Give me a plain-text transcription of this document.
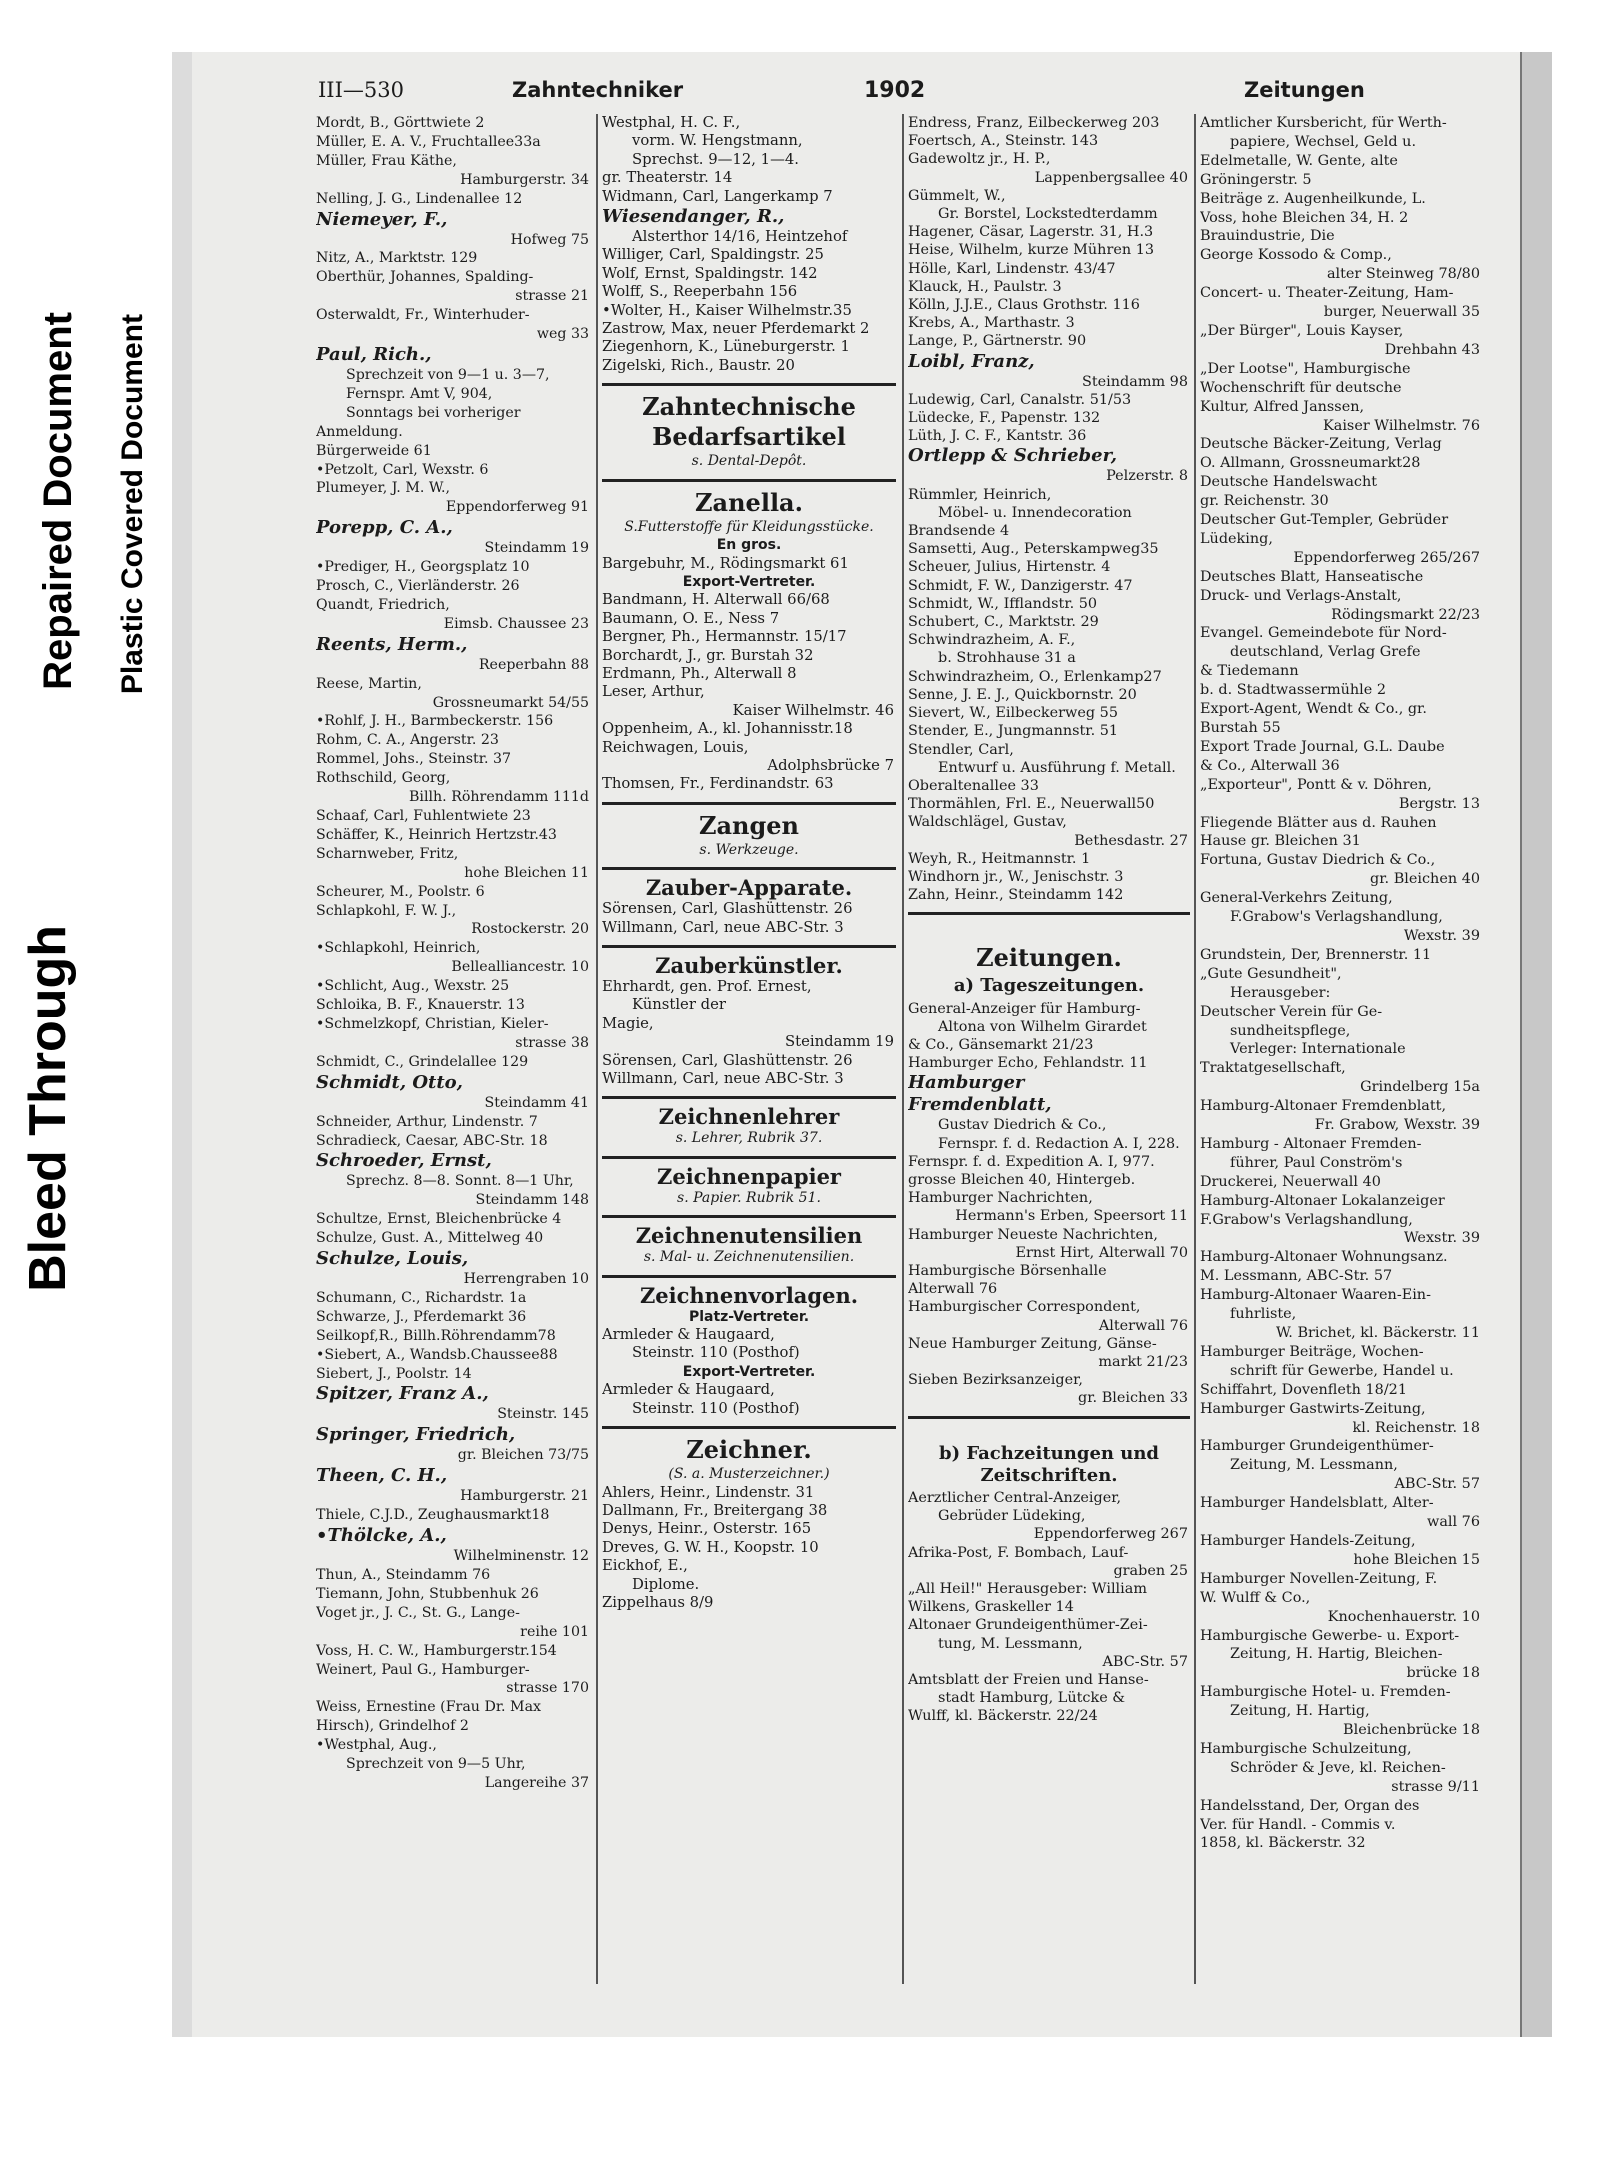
Bleed Through
Repaired Document Plastic Covered Document
III—530	Zahntechniker	1902	Zeitungen
Mordt, B., Görttwiete 2
Müller, E. A. V., Fruchtallee33a
Müller, Frau Käthe,
Hamburgerstr. 34
Nelling, J. G., Lindenallee 12
Niemeyer, F.,
Hofweg 75
Nitz, A., Marktstr. 129
Oberthür, Johannes, Spalding-
strasse 21
Osterwaldt, Fr., Winterhuder-
weg 33
Paul, Rich.,
Sprechzeit von 9—1 u. 3—7,
Fernspr. Amt V, 904,
Sonntags bei vorheriger
Anmeldung.
Bürgerweide 61
• Petzolt, Carl, Wexstr. 6
Plumeyer, J. M. W.,
Eppendorferweg 91
Porepp, C. A.,
Steindamm 19
• Prediger, H., Georgsplatz 10
Prosch, C., Vierländerstr. 26
Quandt, Friedrich,
Eimsb. Chaussee 23
Reents, Herm.,
Reeperbahn 88
Reese, Martin,
Grossneumarkt 54/55
• Rohlf, J. H., Barmbeckerstr. 156
Rohm, C. A., Angerstr. 23
Rommel, Johs., Steinstr. 37
Rothschild, Georg,
Billh. Röhrendamm 111d
Schaaf, Carl, Fuhlentwiete 23
Schäffer, K., Heinrich Hertzstr.43
Scharnweber, Fritz,
hohe Bleichen 11
Scheurer, M., Poolstr. 6
Schlapkohl, F. W. J.,
Rostockerstr. 20
• Schlapkohl, Heinrich,
Bellealliancestr. 10
• Schlicht, Aug., Wexstr. 25
Schloika, B. F., Knauerstr. 13
• Schmelzkopf, Christian, Kieler-
strasse 38
Schmidt, C., Grindelallee 129
Schmidt, Otto,
Steindamm 41
Schneider, Arthur, Lindenstr. 7
Schradieck, Caesar, ABC-Str. 18
Schroeder, Ernst,
Sprechz. 8—8. Sonnt. 8—1 Uhr,
Steindamm 148
Schultze, Ernst, Bleichenbrücke 4
Schulze, Gust. A., Mittelweg 40
Schulze, Louis,
Herrengraben 10
Schumann, C., Richardstr. 1a
Schwarze, J., Pferdemarkt 36
Seilkopf,R., Billh.Röhrendamm78
• Siebert, A., Wandsb.Chaussee88
Siebert, J., Poolstr. 14
Spitzer, Franz A.,
Steinstr. 145
Springer, Friedrich,
gr. Bleichen 73/75
Theen, C. H.,
Hamburgerstr. 21
Thiele, C.J.D., Zeughausmarkt18
• Thölcke, A.,
Wilhelminenstr. 12
Thun, A., Steindamm 76
Tiemann, John, Stubbenhuk 26
Voget jr., J. C., St. G., Lange-
reihe 101
Voss, H. C. W., Hamburgerstr.154
Weinert, Paul G., Hamburger-
strasse 170
Weiss, Ernestine (Frau Dr. Max
Hirsch), Grindelhof 2
• Westphal, Aug.,
Sprechzeit von 9—5 Uhr,
Langereihe 37
Westphal, H. C. F.,
vorm. W. Hengstmann,
Sprechst. 9—12, 1—4.
gr. Theaterstr. 14
Widmann, Carl, Langerkamp 7
Wiesendanger, R.,
Alsterthor 14/16, Heintzehof
Williger, Carl, Spaldingstr. 25
Wolf, Ernst, Spaldingstr. 142
Wolff, S., Reeperbahn 156
• Wolter, H., Kaiser Wilhelmstr.35
Zastrow, Max, neuer Pferdemarkt 2
Ziegenhorn, K., Lüneburgerstr. 1
Zigelski, Rich., Baustr. 20
Zahntechnische
Bedarfsartikel
s. Dental-Depôt.
Zanella.
S.Futterstoffe für Kleidungsstücke.
En gros.
Bargebuhr, M., Rödingsmarkt 61
Export-Vertreter.
Bandmann, H. Alterwall 66/68
Baumann, O. E., Ness 7
Bergner, Ph., Hermannstr. 15/17
Borchardt, J., gr. Burstah 32
Erdmann, Ph., Alterwall 8
Leser, Arthur,
Kaiser Wilhelmstr. 46
Oppenheim, A., kl. Johannisstr.18
Reichwagen, Louis,
Adolphsbrücke 7
Thomsen, Fr., Ferdinandstr. 63
Zangen
s. Werkzeuge.
Zauber-Apparate.
Sörensen, Carl, Glashüttenstr. 26
Willmann, Carl, neue ABC-Str. 3
Zauberkünstler.
Ehrhardt, gen. Prof. Ernest,
Künstler der
Magie,
Steindamm 19
Sörensen, Carl, Glashüttenstr. 26
Willmann, Carl, neue ABC-Str. 3
Zeichnenlehrer
s. Lehrer, Rubrik 37.
Zeichnenpapier
s. Papier. Rubrik 51.
Zeichnenutensilien
s. Mal- u. Zeichnenutensilien.
Zeichnenvorlagen.
Platz-Vertreter.
Armleder & Haugaard,
Steinstr. 110 (Posthof)
Export-Vertreter.
Armleder & Haugaard,
Steinstr. 110 (Posthof)
Zeichner.
(S. a. Musterzeichner.)
Ahlers, Heinr., Lindenstr. 31
Dallmann, Fr., Breitergang 38
Denys, Heinr., Osterstr. 165
Dreves, G. W. H., Koopstr. 10
Eickhof, E.,
Diplome.
Zippelhaus 8/9
Endress, Franz, Eilbeckerweg 203
Foertsch, A., Steinstr. 143
Gadewoltz jr., H. P.,
Lappenbergsallee 40
Gümmelt, W.,
Gr. Borstel, Lockstedterdamm
Hagener, Cäsar, Lagerstr. 31, H.3
Heise, Wilhelm, kurze Mühren 13
Hölle, Karl, Lindenstr. 43/47
Klauck, H., Paulstr. 3
Kölln, J.J.E., Claus Grothstr. 116
Krebs, A., Marthastr. 3
Lange, P., Gärtnerstr. 90
Loibl, Franz,
Steindamm 98
Ludewig, Carl, Canalstr. 51/53
Lüdecke, F., Papenstr. 132
Lüth, J. C. F., Kantstr. 36
Ortlepp & Schrieber,
Pelzerstr. 8
Rümmler, Heinrich,
Möbel- u. Innendecoration
Brandsende 4
Samsetti, Aug., Peterskampweg35
Scheuer, Julius, Hirtenstr. 4
Schmidt, F. W., Danzigerstr. 47
Schmidt, W., Ifflandstr. 50
Schubert, C., Marktstr. 29
Schwindrazheim, A. F.,
b. Strohhause 31 a
Schwindrazheim, O., Erlenkamp27
Senne, J. E. J., Quickbornstr. 20
Sievert, W., Eilbeckerweg 55
Stender, E., Jungmannstr. 51
Stendler, Carl,
Entwurf u. Ausführung f. Metall.
Oberaltenallee 33
Thormählen, Frl. E., Neuerwall50
Waldschlägel, Gustav,
Bethesdastr. 27
Weyh, R., Heitmannstr. 1
Windhorn jr., W., Jenischstr. 3
Zahn, Heinr., Steindamm 142
Zeitungen.
a) Tageszeitungen.
General-Anzeiger für Hamburg-
Altona von Wilhelm Girardet
& Co., Gänsemarkt 21/23
Hamburger Echo, Fehlandstr. 11
Hamburger
Fremdenblatt,
Gustav Diedrich & Co.,
Fernspr. f. d. Redaction A. I, 228.
Fernspr. f. d. Expedition A. I, 977.
grosse Bleichen 40, Hintergeb.
Hamburger Nachrichten,
Hermann's Erben, Speersort 11
Hamburger Neueste Nachrichten,
Ernst Hirt, Alterwall 70
Hamburgische Börsenhalle
Alterwall 76
Hamburgischer Correspondent,
Alterwall 76
Neue Hamburger Zeitung, Gänse-
markt 21/23
Sieben Bezirksanzeiger,
gr. Bleichen 33
b) Fachzeitungen und
Zeitschriften.
Aerztlicher Central-Anzeiger,
Gebrüder Lüdeking,
Eppendorferweg 267
Afrika-Post, F. Bombach, Lauf-
graben 25
„All Heil!" Herausgeber: William
Wilkens, Graskeller 14
Altonaer Grundeigenthümer-Zei-
tung, M. Lessmann,
ABC-Str. 57
Amtsblatt der Freien und Hanse-
stadt Hamburg, Lütcke &
Wulff, kl. Bäckerstr. 22/24
Amtlicher Kursbericht, für Werth-
papiere, Wechsel, Geld u.
Edelmetalle, W. Gente, alte
Gröningerstr. 5
Beiträge z. Augenheilkunde, L.
Voss, hohe Bleichen 34, H. 2
Brauindustrie, Die
George Kossodo & Comp.,
alter Steinweg 78/80
Concert- u. Theater-Zeitung, Ham-
burger, Neuerwall 35
„Der Bürger", Louis Kayser,
Drehbahn 43
„Der Lootse", Hamburgische
Wochenschrift für deutsche
Kultur, Alfred Janssen,
Kaiser Wilhelmstr. 76
Deutsche Bäcker-Zeitung, Verlag
O. Allmann, Grossneumarkt28
Deutsche Handelswacht
gr. Reichenstr. 30
Deutscher Gut-Templer, Gebrüder
Lüdeking,
Eppendorferweg 265/267
Deutsches Blatt, Hanseatische
Druck- und Verlags-Anstalt,
Rödingsmarkt 22/23
Evangel. Gemeindebote für Nord-
deutschland, Verlag Grefe
& Tiedemann
b. d. Stadtwassermühle 2
Export-Agent, Wendt & Co., gr.
Burstah 55
Export Trade Journal, G.L. Daube
& Co., Alterwall 36
„Exporteur", Pontt & v. Döhren,
Bergstr. 13
Fliegende Blätter aus d. Rauhen
Hause gr. Bleichen 31
Fortuna, Gustav Diedrich & Co.,
gr. Bleichen 40
General-Verkehrs Zeitung,
F.Grabow's Verlagshandlung,
Wexstr. 39
Grundstein, Der, Brennerstr. 11
„Gute Gesundheit",
Herausgeber:
Deutscher Verein für Ge-
sundheitspflege,
Verleger: Internationale
Traktatgesellschaft,
Grindelberg 15a
Hamburg-Altonaer Fremdenblatt,
Fr. Grabow, Wexstr. 39
Hamburg - Altonaer Fremden-
führer, Paul Conström's
Druckerei, Neuerwall 40
Hamburg-Altonaer Lokalanzeiger
F.Grabow's Verlagshandlung,
Wexstr. 39
Hamburg-Altonaer Wohnungsanz.
M. Lessmann, ABC-Str. 57
Hamburg-Altonaer Waaren-Ein-
fuhrliste,
W. Brichet, kl. Bäckerstr. 11
Hamburger Beiträge, Wochen-
schrift für Gewerbe, Handel u.
Schiffahrt, Dovenfleth 18/21
Hamburger Gastwirts-Zeitung,
kl. Reichenstr. 18
Hamburger Grundeigenthümer-
Zeitung, M. Lessmann,
ABC-Str. 57
Hamburger Handelsblatt, Alter-
wall 76
Hamburger Handels-Zeitung,
hohe Bleichen 15
Hamburger Novellen-Zeitung, F.
W. Wulff & Co.,
Knochenhauerstr. 10
Hamburgische Gewerbe- u. Export-
Zeitung, H. Hartig, Bleichen-
brücke 18
Hamburgische Hotel- u. Fremden-
Zeitung, H. Hartig,
Bleichenbrücke 18
Hamburgische Schulzeitung,
Schröder & Jeve, kl. Reichen-
strasse 9/11
Handelsstand, Der, Organ des
Ver. für Handl. - Commis v.
1858, kl. Bäckerstr. 32
